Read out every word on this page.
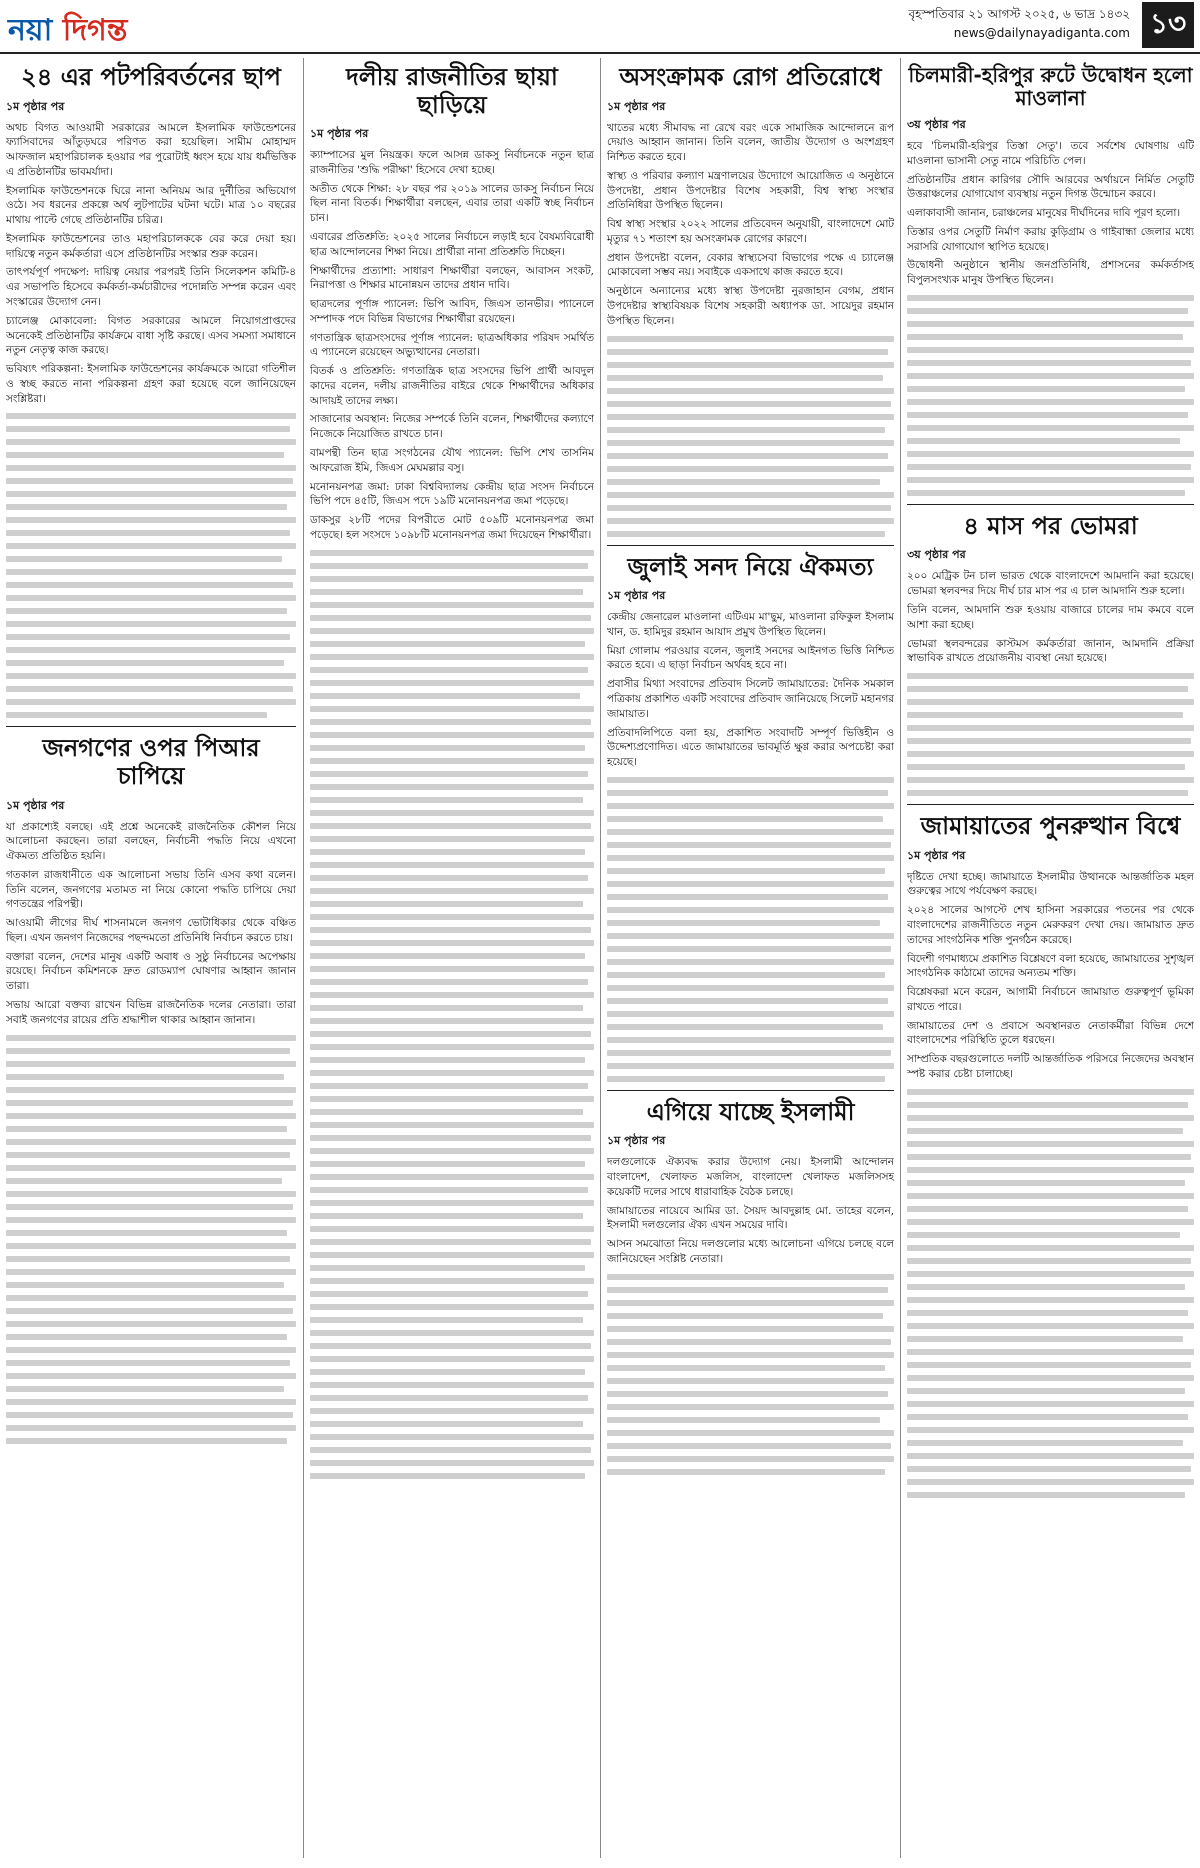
নয়া দিগন্ত	বৃহস্পতিবার ২১ আগস্ট ২০২৫, ৬ ভাদ্র ১৪৩২
news@dailynayadiganta.com ১৩
২৪ এর পটপরিবর্তনের ছাপ
১ম পৃষ্ঠার পর

অথচ বিগত আওয়ামী সরকারের আমলে ইসলামিক ফাউন্ডেশনের ফ্যাসিবাদের আঁতুড়ঘরে পরিণত করা হয়েছিল। সামীম মোহাম্মদ আফজাল মহাপরিচালক হওয়ার পর পুরোটাই ধ্বংস হয়ে যায় ধর্মভিত্তিক এ প্রতিষ্ঠানটির ভাবমর্যাদা।

ইসলামিক ফাউন্ডেশনকে ঘিরে নানা অনিয়ম আর দুর্নীতির অভিযোগ ওঠে। সব ধরনের প্রকল্পে অর্থ লুটপাটের ঘটনা ঘটে। মাত্র ১০ বছরের মাথায় পাল্টে গেছে প্রতিষ্ঠানটির চরিত্র।

ইসলামিক ফাউন্ডেশনের তাও মহাপরিচালককে বের করে দেয়া হয়। দায়িত্বে নতুন কর্মকর্তারা এসে প্রতিষ্ঠানটির সংস্কার শুরু করেন।

তাৎপর্যপূর্ণ পদক্ষেপ: দায়িত্ব নেয়ার পরপরই তিনি সিলেকশন কমিটি-৪ এর সভাপতি হিসেবে কর্মকর্তা-কর্মচারীদের পদোন্নতি সম্পন্ন করেন এবং সংস্কারের উদ্যোগ নেন।

চ্যালেঞ্জ মোকাবেলা: বিগত সরকারের আমলে নিয়োগপ্রাপ্তদের অনেকেই প্রতিষ্ঠানটির কার্যক্রমে বাধা সৃষ্টি করছে। এসব সমস্যা সমাধানে নতুন নেতৃত্ব কাজ করছে।

ভবিষ্যৎ পরিকল্পনা: ইসলামিক ফাউন্ডেশনের কার্যক্রমকে আরো গতিশীল ও স্বচ্ছ করতে নানা পরিকল্পনা গ্রহণ করা হয়েছে বলে জানিয়েছেন সংশ্লিষ্টরা।

জনগণের ওপর পিআর চাপিয়ে
১ম পৃষ্ঠার পর

যা প্রকাশ্যেই বলছে। এই প্রশ্নে অনেকেই রাজনৈতিক কৌশল নিয়ে আলোচনা করছেন। তারা বলছেন, নির্বাচনী পদ্ধতি নিয়ে এখনো ঐকমত্য প্রতিষ্ঠিত হয়নি।

গতকাল রাজধানীতে এক আলোচনা সভায় তিনি এসব কথা বলেন। তিনি বলেন, জনগণের মতামত না নিয়ে কোনো পদ্ধতি চাপিয়ে দেয়া গণতন্ত্রের পরিপন্থী।

আওয়ামী লীগের দীর্ঘ শাসনামলে জনগণ ভোটাধিকার থেকে বঞ্চিত ছিল। এখন জনগণ নিজেদের পছন্দমতো প্রতিনিধি নির্বাচন করতে চায়।

বক্তারা বলেন, দেশের মানুষ একটি অবাধ ও সুষ্ঠু নির্বাচনের অপেক্ষায় রয়েছে। নির্বাচন কমিশনকে দ্রুত রোডম্যাপ ঘোষণার আহ্বান জানান তারা।

সভায় আরো বক্তব্য রাখেন বিভিন্ন রাজনৈতিক দলের নেতারা। তারা সবাই জনগণের রায়ের প্রতি শ্রদ্ধাশীল থাকার আহ্বান জানান।

দলীয় রাজনীতির ছায়া ছাড়িয়ে
১ম পৃষ্ঠার পর

ক্যাম্পাসের মুল নিয়ন্ত্রক। ফলে আসন্ন ডাকসু নির্বাচনকে নতুন ছাত্র রাজনীতির 'শুদ্ধি পরীক্ষা' হিসেবে দেখা হচ্ছে।

অতীত থেকে শিক্ষা: ২৮ বছর পর ২০১৯ সালের ডাকসু নির্বাচন নিয়ে ছিল নানা বিতর্ক। শিক্ষার্থীরা বলছেন, এবার তারা একটি স্বচ্ছ নির্বাচন চান।

এবারের প্রতিশ্রুতি: ২০২৫ সালের নির্বাচনে লড়াই হবে বৈষম্যবিরোধী ছাত্র আন্দোলনের শিক্ষা নিয়ে। প্রার্থীরা নানা প্রতিশ্রুতি দিচ্ছেন।

শিক্ষার্থীদের প্রত্যাশা: সাধারণ শিক্ষার্থীরা বলছেন, আবাসন সংকট, নিরাপত্তা ও শিক্ষার মানোন্নয়ন তাদের প্রধান দাবি।

ছাত্রদলের পূর্ণাঙ্গ প্যানেল: ভিপি আবিদ, জিএস তানভীর। প্যানেলে সম্পাদক পদে বিভিন্ন বিভাগের শিক্ষার্থীরা রয়েছেন।

গণতান্ত্রিক ছাত্রসংসদের পূর্ণাঙ্গ প্যানেল: ছাত্রঅধিকার পরিষদ সমর্থিত এ প্যানেলে রয়েছেন অভ্যুত্থানের নেতারা।

বিতর্ক ও প্রতিশ্রুতি: গণতান্ত্রিক ছাত্র সংসদের ভিপি প্রার্থী আবদুল কাদের বলেন, দলীয় রাজনীতির বাইরে থেকে শিক্ষার্থীদের অধিকার আদায়ই তাদের লক্ষ্য।

সাজানোর অবস্থান: নিজের সম্পর্কে তিনি বলেন, শিক্ষার্থীদের কল্যাণে নিজেকে নিয়োজিত রাখতে চান।

বামপন্থী তিন ছাত্র সংগঠনের যৌথ প্যানেল: ভিপি শেখ তাসনিম আফরোজ ইমি, জিএস মেঘমল্লার বসু।

মনোনয়নপত্র জমা: ঢাকা বিশ্ববিদ্যালয় কেন্দ্রীয় ছাত্র সংসদ নির্বাচনে ভিপি পদে ৪৫টি, জিএস পদে ১৯টি মনোনয়নপত্র জমা পড়েছে।

ডাকসুর ২৮টি পদের বিপরীতে মোট ৫০৯টি মনোনয়নপত্র জমা পড়েছে। হল সংসদে ১০৯৮টি মনোনয়নপত্র জমা দিয়েছেন শিক্ষার্থীরা।

অসংক্রামক রোগ প্রতিরোধে
১ম পৃষ্ঠার পর

খাতের মধ্যে সীমাবদ্ধ না রেখে বরং একে সামাজিক আন্দোলনে রূপ দেয়াও আহ্বান জানান। তিনি বলেন, জাতীয় উদ্যোগ ও অংশগ্রহণ নিশ্চিত করতে হবে।

স্বাস্থ্য ও পরিবার কল্যাণ মন্ত্রণালয়ের উদ্যোগে আয়োজিত এ অনুষ্ঠানে উপদেষ্টা, প্রধান উপদেষ্টার বিশেষ সহকারী, বিশ্ব স্বাস্থ্য সংস্থার প্রতিনিধিরা উপস্থিত ছিলেন।

বিশ্ব স্বাস্থ্য সংস্থার ২০২২ সালের প্রতিবেদন অনুযায়ী, বাংলাদেশে মোট মৃত্যুর ৭১ শতাংশ হয় অসংক্রামক রোগের কারণে।

প্রধান উপদেষ্টা বলেন, বেকার স্বাস্থ্যসেবা বিভাগের পক্ষে এ চ্যালেঞ্জ মোকাবেলা সম্ভব নয়। সবাইকে একসাথে কাজ করতে হবে।

অনুষ্ঠানে অন্যান্যের মধ্যে স্বাস্থ্য উপদেষ্টা নুরজাহান বেগম, প্রধান উপদেষ্টার স্বাস্থ্যবিষয়ক বিশেষ সহকারী অধ্যাপক ডা. সায়েদুর রহমান উপস্থিত ছিলেন।

জুলাই সনদ নিয়ে ঐকমত্য
১ম পৃষ্ঠার পর

কেন্দ্রীয় জেনারেল মাওলানা এটিএম মা'ছুম, মাওলানা রফিকুল ইসলাম খান, ড. হামিদুর রহমান আযাদ প্রমুখ উপস্থিত ছিলেন।

মিয়া গোলাম পরওয়ার বলেন, জুলাই সনদের আইনগত ভিত্তি নিশ্চিত করতে হবে। এ ছাড়া নির্বাচন অর্থবহ হবে না।

প্রবাসীর মিথ্যা সংবাদের প্রতিবাদ সিলেট জামায়াতের: দৈনিক সমকাল পত্রিকায় প্রকাশিত একটি সংবাদের প্রতিবাদ জানিয়েছে সিলেট মহানগর জামায়াত।

প্রতিবাদলিপিতে বলা হয়, প্রকাশিত সংবাদটি সম্পূর্ণ ভিত্তিহীন ও উদ্দেশ্যপ্রণোদিত। এতে জামায়াতের ভাবমূর্তি ক্ষুণ্ণ করার অপচেষ্টা করা হয়েছে।

এগিয়ে যাচ্ছে ইসলামী
১ম পৃষ্ঠার পর

দলগুলোকে ঐক্যবদ্ধ করার উদ্যোগ নেয়। ইসলামী আন্দোলন বাংলাদেশ, খেলাফত মজলিস, বাংলাদেশ খেলাফত মজলিসসহ কয়েকটি দলের সাথে ধারাবাহিক বৈঠক চলছে।

জামায়াতের নায়েবে আমির ডা. সৈয়দ আবদুল্লাহ মো. তাহের বলেন, ইসলামী দলগুলোর ঐক্য এখন সময়ের দাবি।

আসন সমঝোতা নিয়ে দলগুলোর মধ্যে আলোচনা এগিয়ে চলছে বলে জানিয়েছেন সংশ্লিষ্ট নেতারা।

চিলমারী-হরিপুর রুটে উদ্বোধন হলো মাওলানা
৩য় পৃষ্ঠার পর

হবে 'চিলমারী-হরিপুর তিস্তা সেতু'। তবে সর্বশেষ ঘোষণায় এটি মাওলানা ভাসানী সেতু নামে পরিচিতি পেল।

প্রতিষ্ঠানটির প্রধান কারিগর সৌদি আরবের অর্থায়নে নির্মিত সেতুটি উত্তরাঞ্চলের যোগাযোগ ব্যবস্থায় নতুন দিগন্ত উন্মোচন করবে।

এলাকাবাসী জানান, চরাঞ্চলের মানুষের দীর্ঘদিনের দাবি পূরণ হলো।

তিস্তার ওপর সেতুটি নির্মাণ করায় কুড়িগ্রাম ও গাইবান্ধা জেলার মধ্যে সরাসরি যোগাযোগ স্থাপিত হয়েছে।

উদ্বোধনী অনুষ্ঠানে স্থানীয় জনপ্রতিনিধি, প্রশাসনের কর্মকর্তাসহ বিপুলসংখ্যক মানুষ উপস্থিত ছিলেন।

৪ মাস পর ভোমরা
৩য় পৃষ্ঠার পর

২০০ মেট্রিক টন চাল ভারত থেকে বাংলাদেশে আমদানি করা হয়েছে। ভোমরা স্থলবন্দর দিয়ে দীর্ঘ চার মাস পর এ চাল আমদানি শুরু হলো।

তিনি বলেন, আমদানি শুরু হওয়ায় বাজারে চালের দাম কমবে বলে আশা করা হচ্ছে।

ভোমরা স্থলবন্দরের কাস্টমস কর্মকর্তারা জানান, আমদানি প্রক্রিয়া স্বাভাবিক রাখতে প্রয়োজনীয় ব্যবস্থা নেয়া হয়েছে।

জামায়াতের পুনরুত্থান বিশ্বে
১ম পৃষ্ঠার পর

দৃষ্টিতে দেখা হচ্ছে। জামায়াতে ইসলামীর উত্থানকে আন্তর্জাতিক মহল গুরুত্বের সাথে পর্যবেক্ষণ করছে।

২০২৪ সালের আগস্টে শেখ হাসিনা সরকারের পতনের পর থেকে বাংলাদেশের রাজনীতিতে নতুন মেরুকরণ দেখা দেয়। জামায়াত দ্রুত তাদের সাংগঠনিক শক্তি পুনর্গঠন করেছে।

বিদেশী গণমাধ্যমে প্রকাশিত বিশ্লেষণে বলা হয়েছে, জামায়াতের সুশৃঙ্খল সাংগঠনিক কাঠামো তাদের অন্যতম শক্তি।

বিশ্লেষকরা মনে করেন, আগামী নির্বাচনে জামায়াত গুরুত্বপূর্ণ ভূমিকা রাখতে পারে।

জামায়াতের দেশ ও প্রবাসে অবস্থানরত নেতাকর্মীরা বিভিন্ন দেশে বাংলাদেশের পরিস্থিতি তুলে ধরছেন।

সাম্প্রতিক বছরগুলোতে দলটি আন্তর্জাতিক পরিসরে নিজেদের অবস্থান স্পষ্ট করার চেষ্টা চালাচ্ছে।
